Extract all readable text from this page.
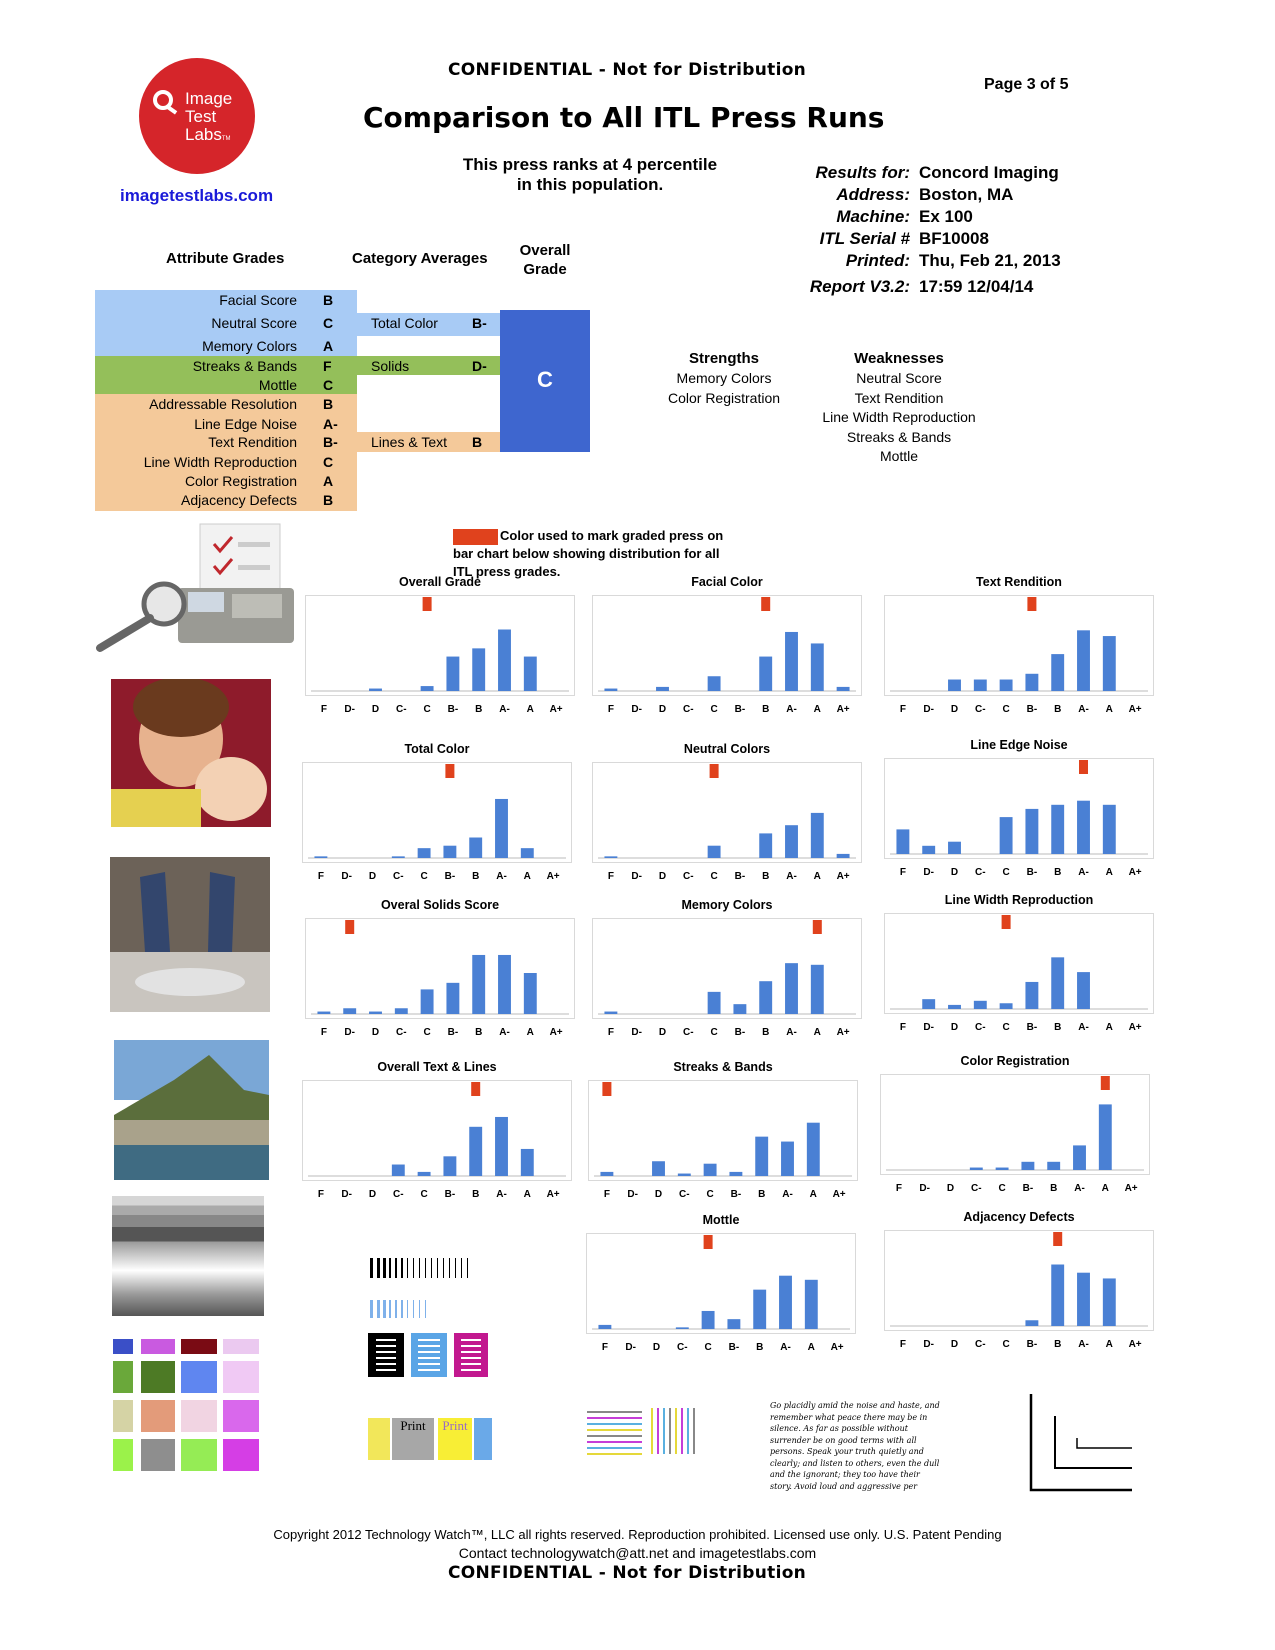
CONFIDENTIAL - Not for Distribution
Page 3 of 5
Comparison to All ITL Press Runs
Image
Test
LabsTM
imagetestlabs.com
This press ranks at 4 percentile
in this population.
Results for: Concord Imaging
Address: Boston, MA
Machine: Ex 100
ITL Serial # BF10008
Printed: Thu, Feb 21, 2013
Report V3.2: 17:59 12/04/14
Attribute Grades	Category Averages	Overall
Grade
Facial Score B
Neutral Score C
Memory Colors A
Streaks & Bands F
Mottle C
Addressable Resolution B
Line Edge Noise A-
Text Rendition B-
Line Width Reproduction C
Color Registration A
Adjacency Defects B
Total Color B-
Solids	D-
Lines & Text B
C
Strengths
Memory Colors
Color Registration
Weaknesses
Neutral Score
Text Rendition
Line Width Reproduction
Streaks & Bands
Mottle
Color used to mark graded press on
bar chart below showing distribution for all
ITL press grades.
Print	Print
Go placidly amid the noise and haste, and
remember what peace there may be in
silence. As far as possible without
surrender be on good terms with all
persons. Speak your truth quietly and
clearly; and listen to others, even the dull
and the ignorant; they too have their
story. Avoid loud and aggressive per
Overall Grade
F D- D C- C B- B A- A A+
Facial Color
F D- D C- C B- B A- A A+
Text Rendition
F D- D C- C B- B A- A A+
Total Color
F D- D C- C B- B A- A A+
Neutral Colors
F D- D C- C B- B A- A A+
Line Edge Noise
F D- D C- C B- B A- A A+
Overal Solids Score
F D- D C- C B- B A- A A+
Memory Colors
F D- D C- C B- B A- A A+
Line Width Reproduction
F D- D C- C B- B A- A A+
Overall Text & Lines
F D- D C- C B- B A- A A+
Streaks & Bands
F D- D C- C B- B A- A A+
Color Registration
F D- D C- C B- B A- A A+
Mottle
F D- D C- C B- B A- A A+
Adjacency Defects
F D- D C- C B- B A- A A+
Copyright 2012 Technology Watch™, LLC all rights reserved. Reproduction prohibited. Licensed use only. U.S. Patent Pending
Contact technologywatch@att.net and imagetestlabs.com
CONFIDENTIAL - Not for Distribution
